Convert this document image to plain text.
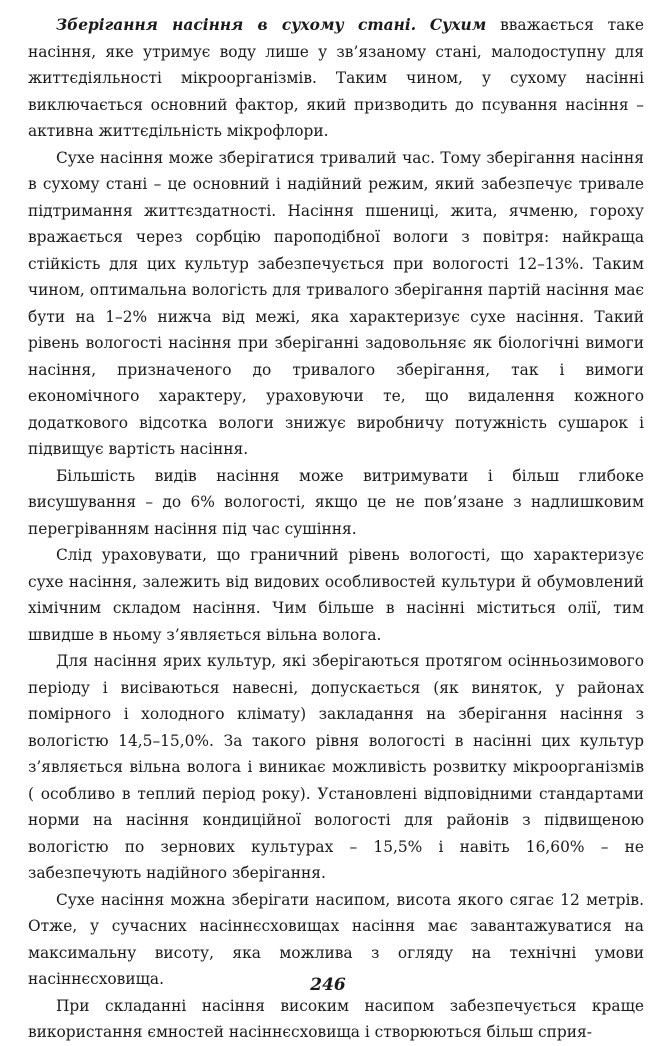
Зберігання насіння в сухому стані. Сухим вважається таке насіння, яке утримує воду лише у зв’язаному стані, малодоступну для життєдіяльності мікроорганізмів. Таким чином, у сухому насінні виключається основний фактор, який призводить до псування насіння – активна життєдільність мікрофлори.

Сухе насіння може зберігатися тривалий час. Тому зберігання насіння в сухому стані – це основний і надійний режим, який забезпечує тривале підтримання життєздатності. Насіння пшениці, жита, ячменю, гороху вражається через сорбцію пароподібної вологи з повітря: найкраща стійкість для цих культур забезпечується при вологості 12–13%. Таким чином, оптимальна вологість для тривалого зберігання партій насіння має бути на 1–2% нижча від межі, яка характеризує сухе насіння. Такий рівень вологості насіння при зберіганні задовольняє як біологічні вимоги насіння, призначеного до тривалого зберігання, так і вимоги економічного характеру, ураховуючи те, що видалення кожного додаткового відсотка вологи знижує виробничу потужність сушарок і підвищує вартість насіння.

Більшість видів насіння може витримувати і більш глибоке висушування – до 6% вологості, якщо це не пов’язане з надлишковим перегріванням насіння під час сушіння.

Слід ураховувати, що граничний рівень вологості, що характеризує сухе насіння, залежить від видових особливостей культури й обумовлений хімічним складом насіння. Чим більше в насінні міститься олії, тим швидше в ньому з’являється вільна волога.

Для насіння ярих культур, які зберігаються протягом осінньозимового періоду і висіваються навесні, допускається (як виняток, у районах помірного і холодного клімату) закладання на зберігання насіння з вологістю 14,5–15,0%. За такого рівня вологості в насінні цих культур з’являється вільна волога і виникає можливість розвитку мікроорганізмів ( особливо в теплий період року). Установлені відповідними стандартами норми на насіння кондиційної вологості для районів з підвищеною вологістю по зернових культурах – 15,5% і навіть 16,60% – не забезпечують надійного зберігання.

Сухе насіння можна зберігати насипом, висота якого сягає 12 метрів. Отже, у сучасних насіннєсховищах насіння має завантажуватися на максимальну висоту, яка можлива з огляду на технічні умови насіннєсховища.

При складанні насіння високим насипом забезпечується краще використання ємностей насіннєсховища і створюються більш сприя-

246
